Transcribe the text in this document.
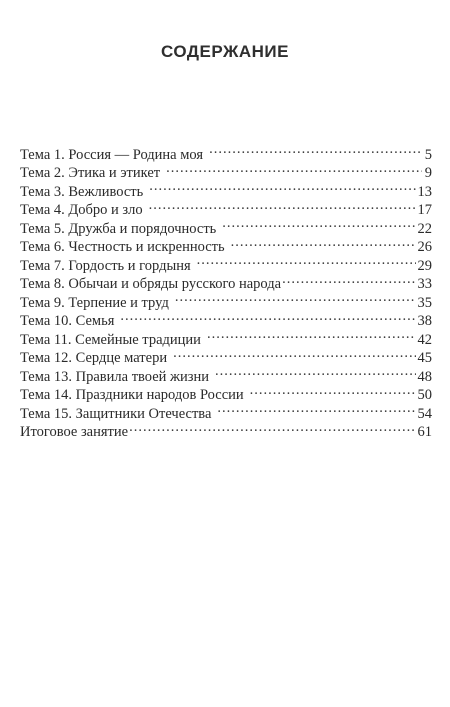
СОДЕРЖАНИЕ
Тема 1. Россия — Родина моя .....	5
Тема 2. Этика и этикет .....	9
Тема 3. Вежливость .....	13
Тема 4. Добро и зло .....	17
Тема 5. Дружба и порядочность .....	22
Тема 6. Честность и искренность .....	26
Тема 7. Гордость и гордыня .....	29
Тема 8. Обычаи и обряды русского народа .....	33
Тема 9. Терпение и труд .....	35
Тема 10. Семья .....	38
Тема 11. Семейные традиции .....	42
Тема 12. Сердце матери .....	45
Тема 13. Правила твоей жизни .....	48
Тема 14. Праздники народов России .....	50
Тема 15. Защитники Отечества .....	54
Итоговое занятие .....	61
